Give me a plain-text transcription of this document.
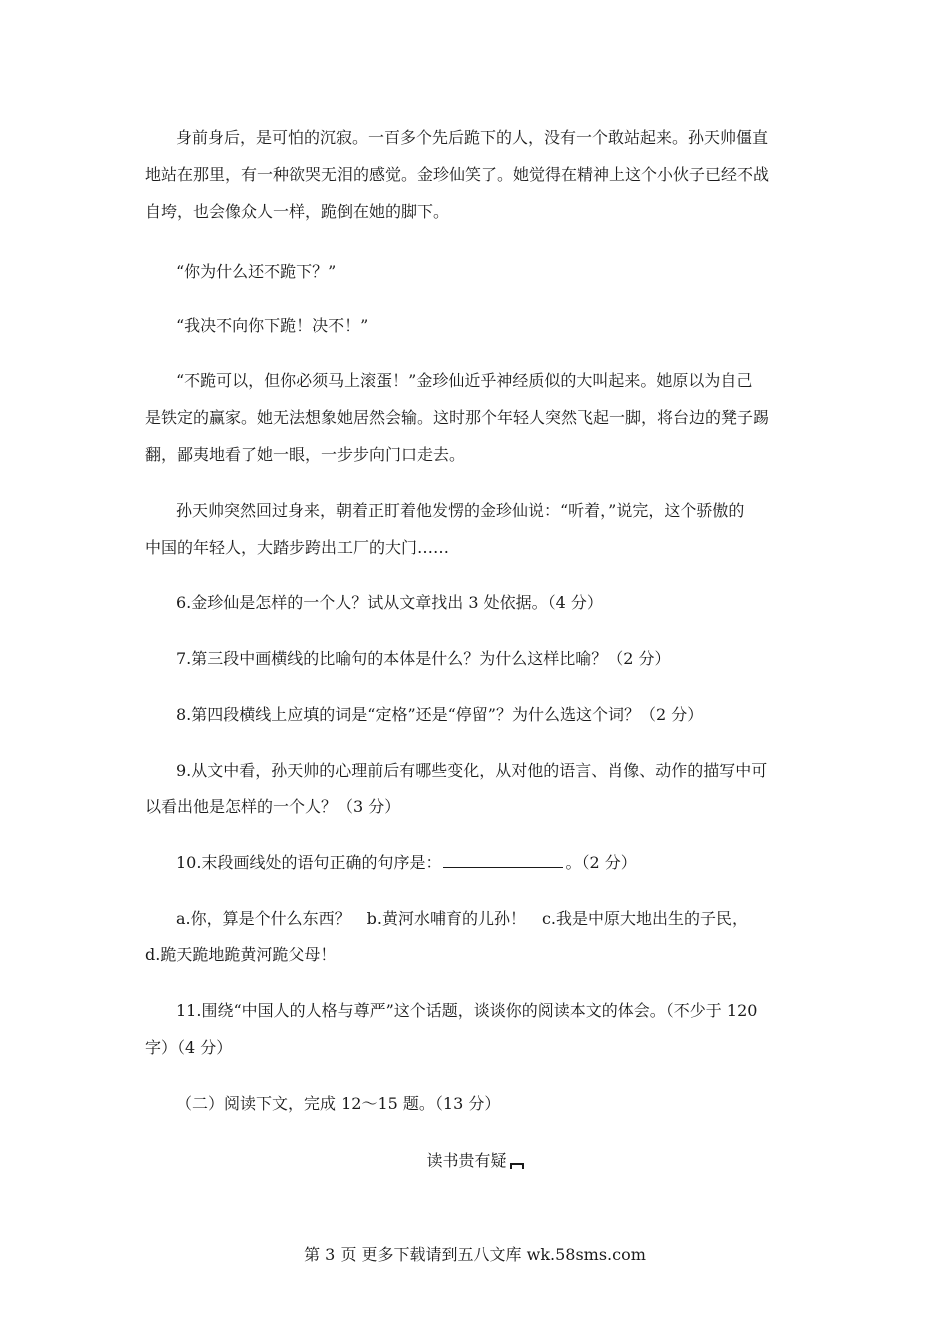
身前身后，是可怕的沉寂。一百多个先后跪下的人，没有一个敢站起来。孙天帅僵直
地站在那里，有一种欲哭无泪的感觉。金珍仙笑了。她觉得在精神上这个小伙子已经不战
自垮，也会像众人一样，跪倒在她的脚下。
“你为什么还不跪下？”
“我决不向你下跪！决不！”
“不跪可以，但你必须马上滚蛋！”金珍仙近乎神经质似的大叫起来。她原以为自己
是铁定的赢家。她无法想象她居然会输。这时那个年轻人突然飞起一脚，将台边的凳子踢
翻，鄙夷地看了她一眼，一步步向门口走去。
孙天帅突然回过身来，朝着正盯着他发愣的金珍仙说：“听着，”说完，这个骄傲的
中国的年轻人，大踏步跨出工厂的大门……
6.金珍仙是怎样的一个人？试从文章找出 3 处依据。（4 分）
7.第三段中画横线的比喻句的本体是什么？为什么这样比喻？（2 分）
8.第四段横线上应填的词是“定格”还是“停留”？为什么选这个词？（2 分）
9.从文中看，孙天帅的心理前后有哪些变化，从对他的语言、肖像、动作的描写中可
以看出他是怎样的一个人？（3 分）
10.末段画线处的语句正确的句序是：	。（2 分）
a.你，算是个什么东西？　b.黄河水哺育的儿孙！　c.我是中原大地出生的子民，
d.跪天跪地跪黄河跪父母！
11.围绕“中国人的人格与尊严”这个话题，谈谈你的阅读本文的体会。（不少于 120
字）（4 分）
（二）阅读下文，完成 12～15 题。（13 分）
读书贵有疑
第 3 页 更多下载请到五八文库 wk.58sms.com
